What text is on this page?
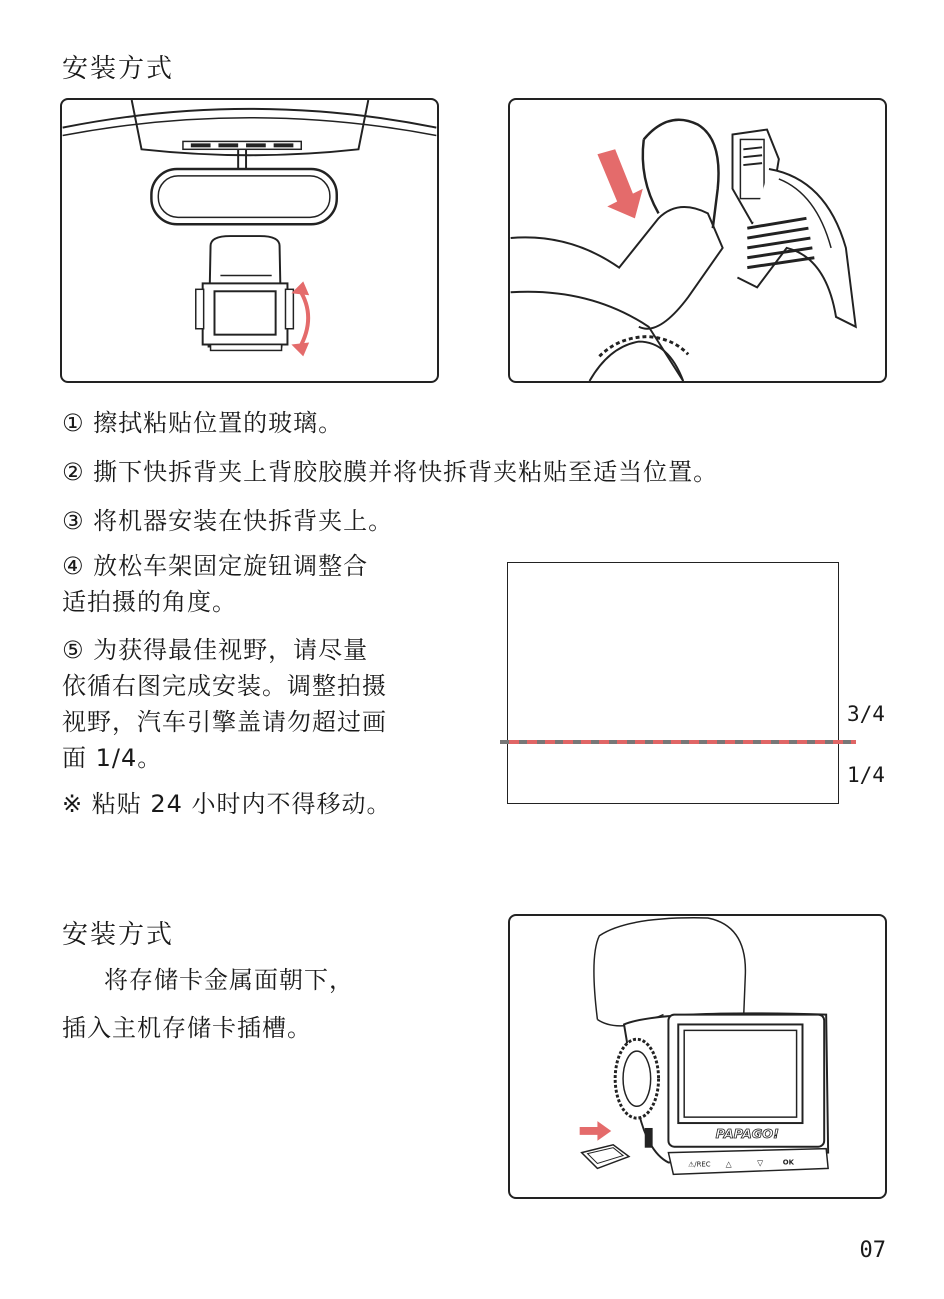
安装方式
① 擦拭粘贴位置的玻璃。
② 撕下快拆背夹上背胶胶膜并将快拆背夹粘贴至适当位置。
③ 将机器安装在快拆背夹上。
④ 放松车架固定旋钮调整合
适拍摄的角度。
⑤ 为获得最佳视野，请尽量
依循右图完成安装。调整拍摄
视野，汽车引擎盖请勿超过画
面 1/4。
※ 粘贴 24 小时内不得移动。
3/4
1/4
安装方式
将存储卡金属面朝下，
插入主机存储卡插槽。
PAPAGO!
⚠/REC △	▽	OK
07
